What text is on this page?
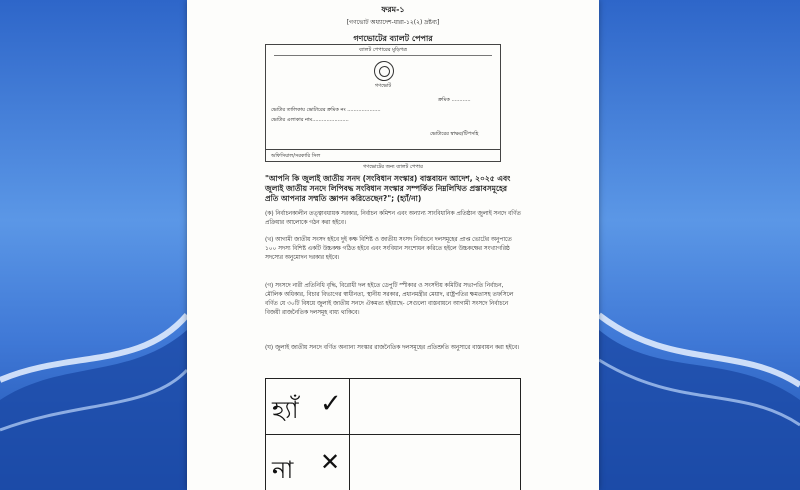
ফরম-১
[গণভোট অধ্যাদেশ-ধারা-১২(২) দ্রষ্টব্য]
গণভোটের ব্যালট পেপার
ব্যালট পেপারের মুড়িপত্র
গণভোট
ক্রমিক ............
ভোটার তালিকায় ভোটারের ক্রমিক নং .....................
ভোটার এলাকার নাম.......................
ভোটারের স্বাক্ষর/টিপসহি
অফিসিয়াল/সরকারি সিল
গণভোটের জন্য ব্যালট পেপার
"আপনি কি জুলাই জাতীয় সনদ (সংবিধান সংস্কার) বাস্তবায়ন আদেশ, ২০২৫ এবং জুলাই জাতীয় সনদে লিপিবদ্ধ সংবিধান সংস্কার সম্পর্কিত নিম্নলিখিত প্রস্তাবসমূহের প্রতি আপনার সম্মতি জ্ঞাপন করিতেছেন?"; (হ্যাঁ/না)
(ক) নির্বাচনকালীন তত্ত্বাবধায়ক সরকার, নির্বাচন কমিশন এবং অন্যান্য সাংবিধানিক প্রতিষ্ঠান জুলাই সনদে বর্ণিত প্রক্রিয়ার আলোকে গঠন করা হইবে।
(খ) আগামী জাতীয় সংসদ হইবে দুই কক্ষ বিশিষ্ট ও জাতীয় সংসদ নির্বাচনে দলসমূহের প্রাপ্ত ভোটের অনুপাতে ১০০ সদস্য বিশিষ্ট একটি উচ্চকক্ষ গঠিত হইবে এবং সংবিধান সংশোধন করিতে হইলে উচ্চকক্ষের সংখ্যাগরিষ্ঠ সদস্যের অনুমোদন দরকার হইবে।
(গ) সংসদে নারী প্রতিনিধি বৃদ্ধি, বিরোধী দল হইতে ডেপুটি স্পীকার ও সংসদীয় কমিটির সভাপতি নির্বাচন, মৌলিক অধিকার, বিচার বিভাগের স্বাধীনতা, স্থানীয় সরকার, প্রধানমন্ত্রীর মেয়াদ, রাষ্ট্রপতির ক্ষমতাসহ তফসিলে বর্ণিত যে ৩০টি বিষয়ে জুলাই জাতীয় সনদে ঐকমত্য হইয়াছে- সেগুলো বাস্তবায়নে আগামী সংসদে নির্বাচনে বিজয়ী রাজনৈতিক দলসমূহ বাধ্য থাকিবে।
(ঘ) জুলাই জাতীয় সনদে বর্ণিত অন্যান্য সংস্কার রাজনৈতিক দলসমূহের প্রতিশ্রুতি অনুসারে বাস্তবায়ন করা হইবে।
হ্যাঁ ✓
না ✕
